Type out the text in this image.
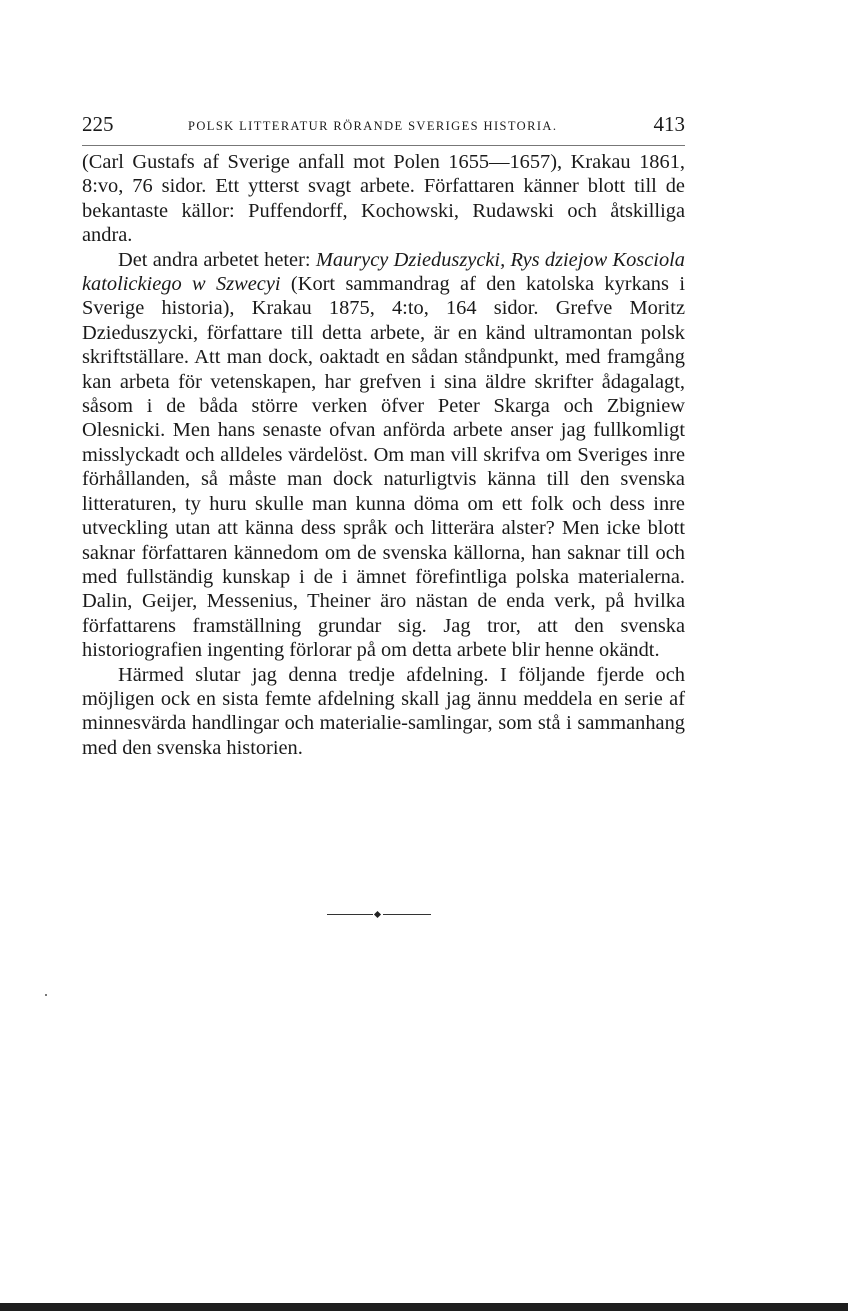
225	POLSK LITTERATUR RÖRANDE SVERIGES HISTORIA.	413

(Carl Gustafs af Sverige anfall mot Polen 1655—1657), Krakau 1861, 8:vo, 76 sidor. Ett ytterst svagt arbete. Författaren känner blott till de bekantaste källor: Puffendorff, Kochowski, Rudawski och åtskilliga andra.

Det andra arbetet heter: Maurycy Dzieduszycki, Rys dziejow Kosciola katolickiego w Szwecyi (Kort sammandrag af den katolska kyrkans i Sverige historia), Krakau 1875, 4:to, 164 sidor. Grefve Moritz Dzieduszycki, författare till detta arbete, är en känd ultramontan polsk skriftställare. Att man dock, oaktadt en sådan ståndpunkt, med framgång kan arbeta för vetenskapen, har grefven i sina äldre skrifter ådagalagt, såsom i de båda större verken öfver Peter Skarga och Zbigniew Olesnicki. Men hans senaste ofvan anförda arbete anser jag fullkomligt misslyckadt och alldeles värdelöst. Om man vill skrifva om Sveriges inre förhållanden, så måste man dock naturligtvis känna till den svenska litteraturen, ty huru skulle man kunna döma om ett folk och dess inre utveckling utan att känna dess språk och litterära alster? Men icke blott saknar författaren kännedom om de svenska källorna, han saknar till och med fullständig kunskap i de i ämnet förefintliga polska materialerna. Dalin, Geijer, Messenius, Theiner äro nästan de enda verk, på hvilka författarens framställning grundar sig. Jag tror, att den svenska historiografien ingenting förlorar på om detta arbete blir henne okändt.

Härmed slutar jag denna tredje afdelning. I följande fjerde och möjligen ock en sista femte afdelning skall jag ännu meddela en serie af minnesvärda handlingar och materialie-samlingar, som stå i sammanhang med den svenska historien.
